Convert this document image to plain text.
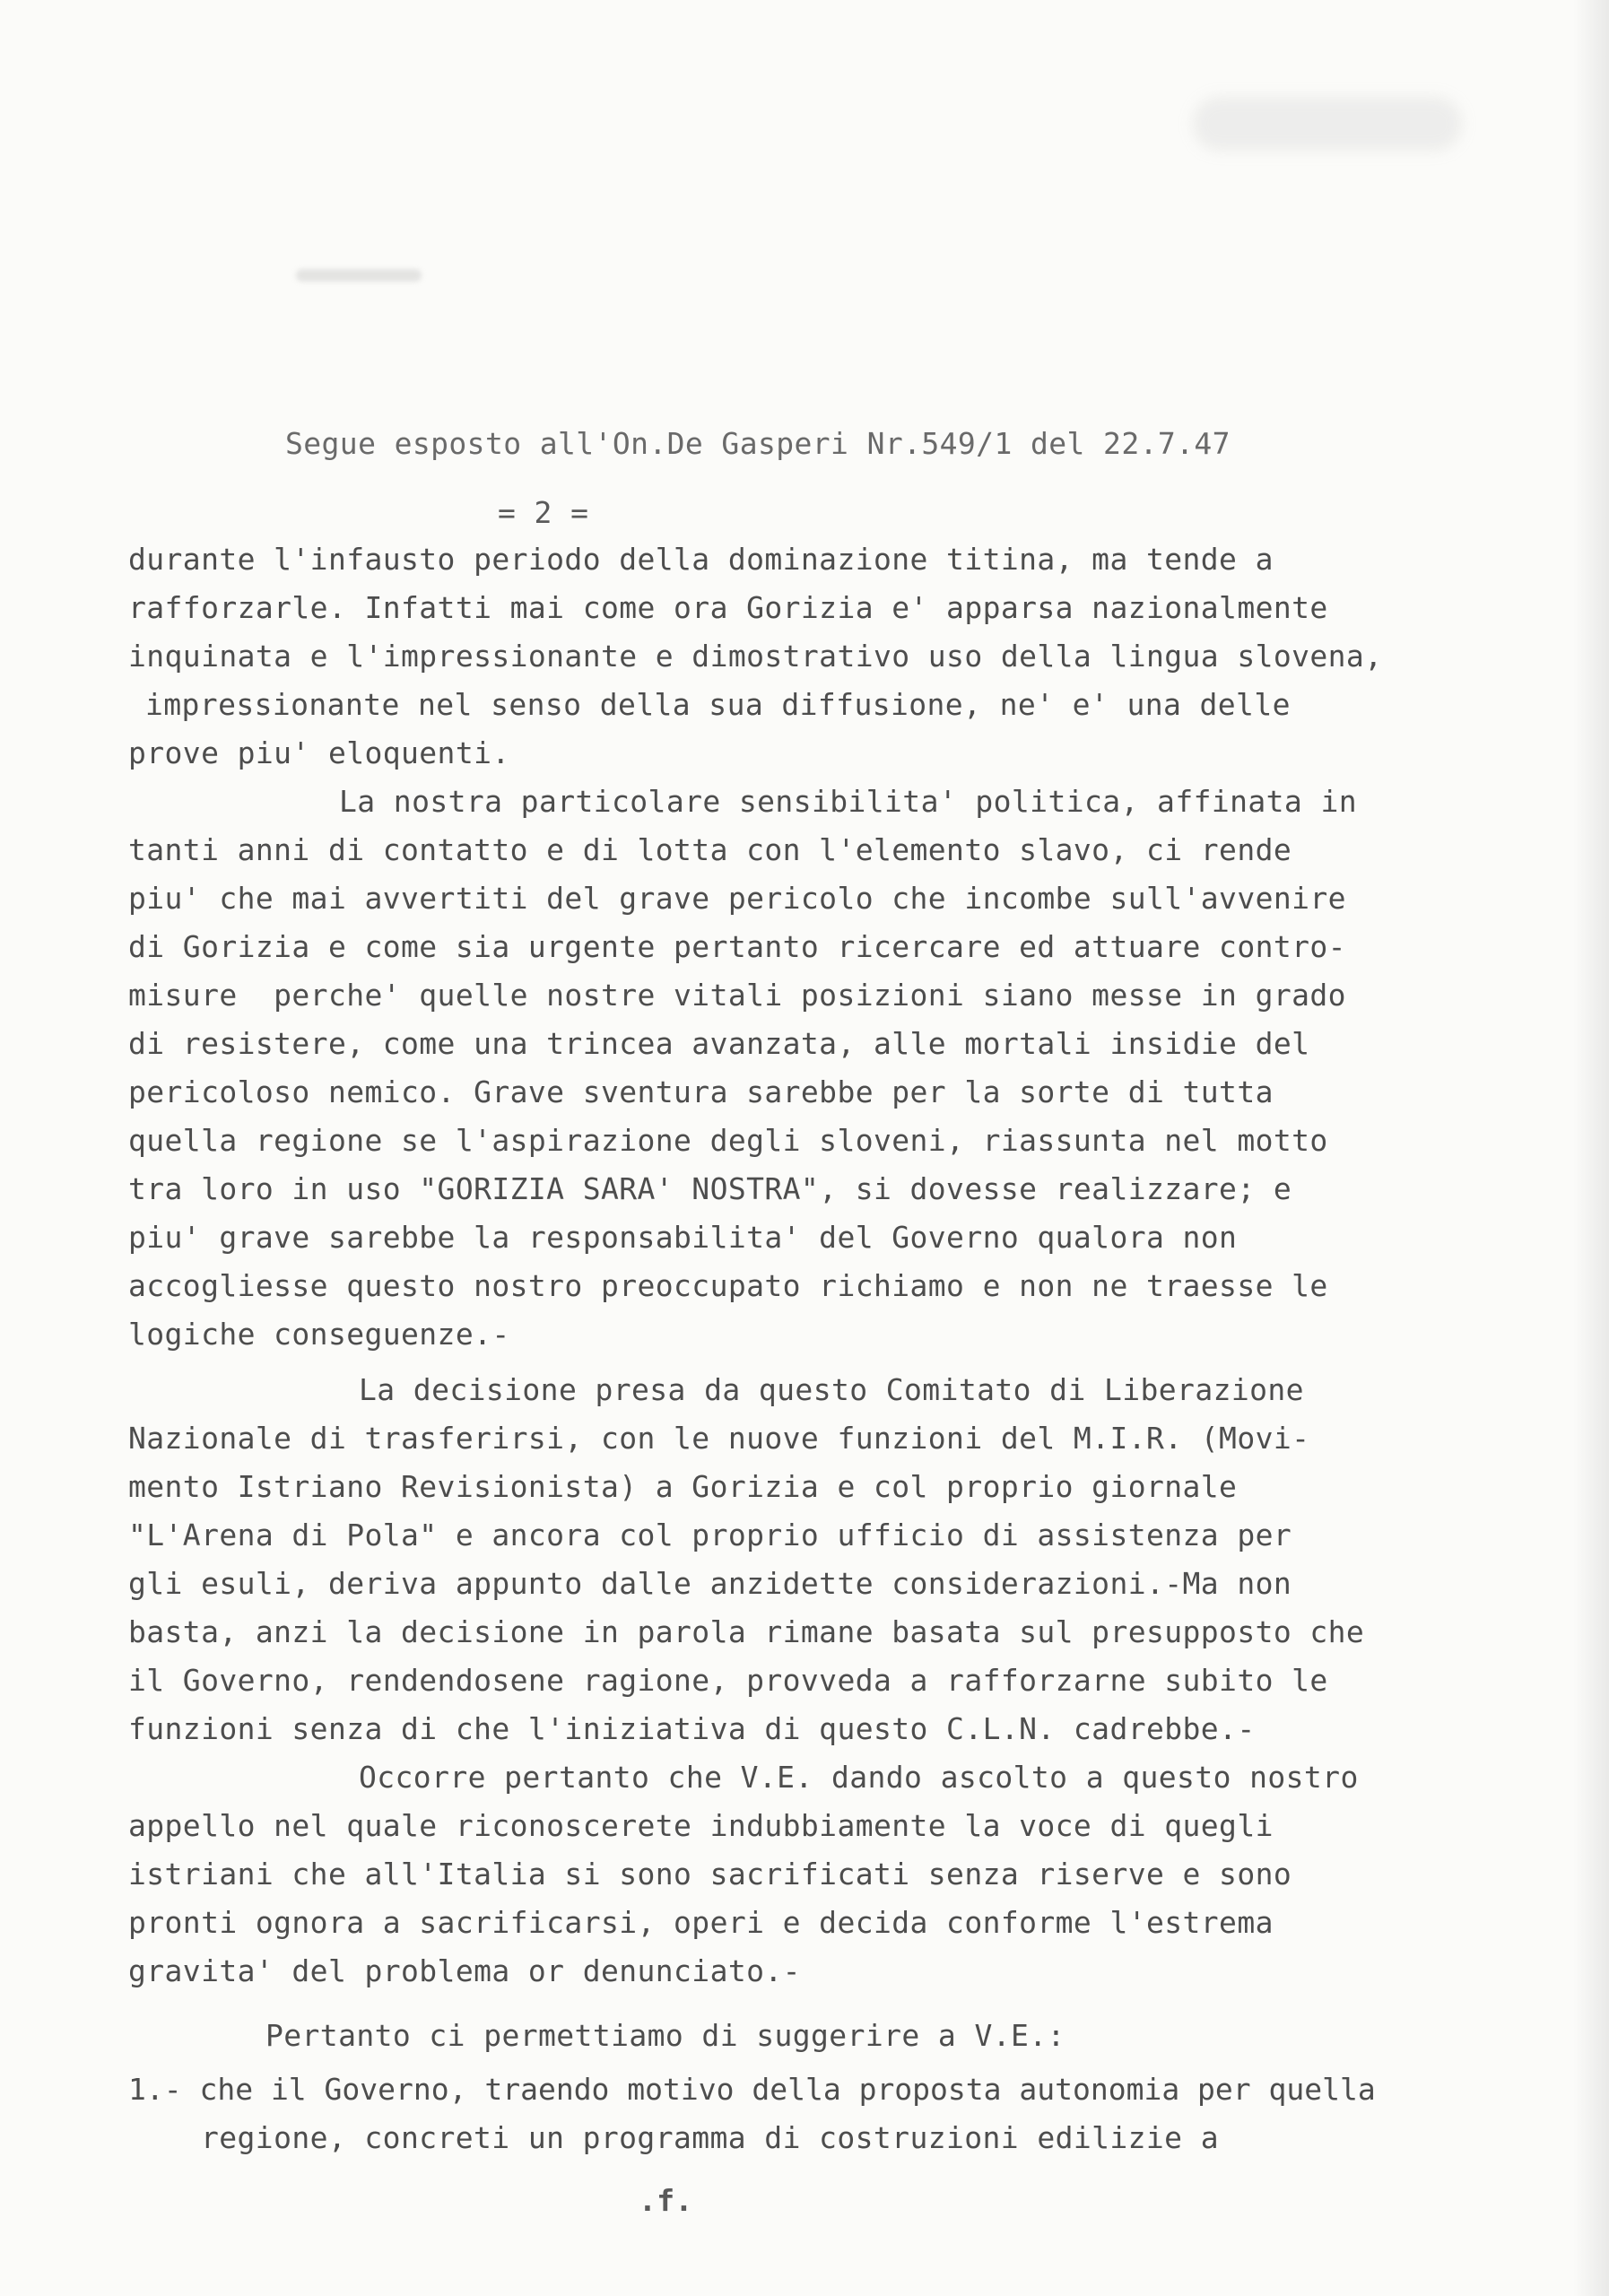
Segue esposto all'On.De Gasperi Nr.549/1 del 22.7.47
= 2 =
durante l'infausto periodo della dominazione titina, ma tende a
rafforzarle. Infatti mai come ora Gorizia e' apparsa nazionalmente
inquinata e l'impressionante e dimostrativo uso della lingua slovena,
impressionante nel senso della sua diffusione, ne' e' una delle
prove piu' eloquenti.
La nostra particolare sensibilita' politica, affinata in
tanti anni di contatto e di lotta con l'elemento slavo, ci rende
piu' che mai avvertiti del grave pericolo che incombe sull'avvenire
di Gorizia e come sia urgente pertanto ricercare ed attuare contro-
misure  perche' quelle nostre vitali posizioni siano messe in grado
di resistere, come una trincea avanzata, alle mortali insidie del
pericoloso nemico. Grave sventura sarebbe per la sorte di tutta
quella regione se l'aspirazione degli sloveni, riassunta nel motto
tra loro in uso "GORIZIA SARA' NOSTRA", si dovesse realizzare; e
piu' grave sarebbe la responsabilita' del Governo qualora non
accogliesse questo nostro preoccupato richiamo e non ne traesse le
logiche conseguenze.-
La decisione presa da questo Comitato di Liberazione
Nazionale di trasferirsi, con le nuove funzioni del M.I.R. (Movi-
mento Istriano Revisionista) a Gorizia e col proprio giornale
"L'Arena di Pola" e ancora col proprio ufficio di assistenza per
gli esuli, deriva appunto dalle anzidette considerazioni.-Ma non
basta, anzi la decisione in parola rimane basata sul presupposto che
il Governo, rendendosene ragione, provveda a rafforzarne subito le
funzioni senza di che l'iniziativa di questo C.L.N. cadrebbe.-
Occorre pertanto che V.E. dando ascolto a questo nostro
appello nel quale riconoscerete indubbiamente la voce di quegli
istriani che all'Italia si sono sacrificati senza riserve e sono
pronti ognora a sacrificarsi, operi e decida conforme l'estrema
gravita' del problema or denunciato.-
Pertanto ci permettiamo di suggerire a V.E.:
1.- che il Governo, traendo motivo della proposta autonomia per quella
regione, concreti un programma di costruzioni edilizie a
.f.
